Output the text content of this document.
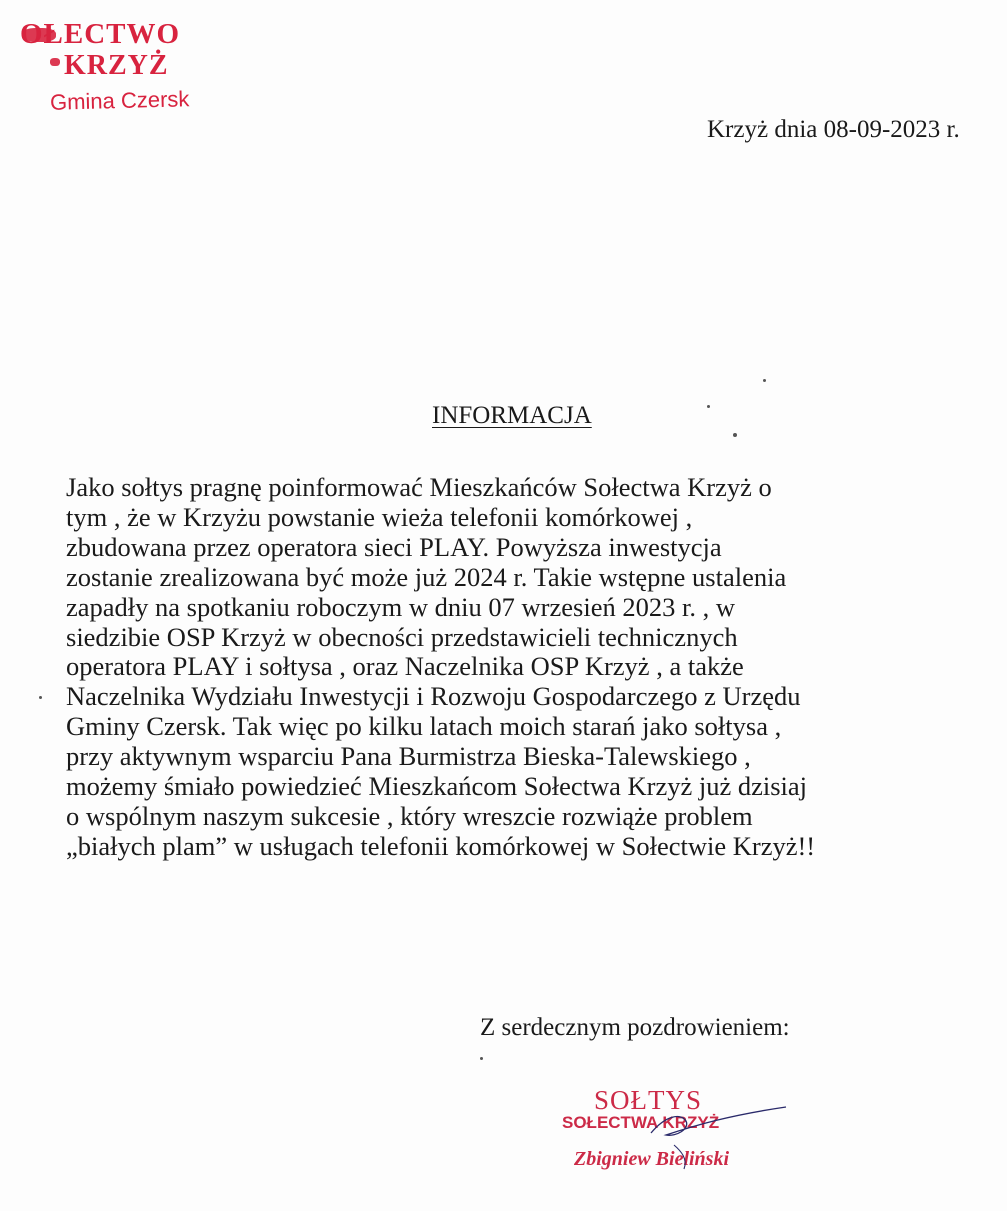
OŁECTWO
KRZYŻ
Gmina Czersk
Krzyż dnia 08-09-2023 r.
INFORMACJA
Jako sołtys pragnę poinformować Mieszkańców Sołectwa Krzyż o
tym , że w Krzyżu powstanie wieża telefonii komórkowej ,
zbudowana przez operatora sieci PLAY. Powyższa inwestycja
zostanie zrealizowana być może już 2024 r. Takie wstępne ustalenia
zapadły na spotkaniu roboczym w dniu 07 wrzesień 2023 r. , w
siedzibie OSP Krzyż w obecności przedstawicieli technicznych
operatora PLAY i sołtysa , oraz Naczelnika OSP Krzyż , a także
Naczelnika Wydziału Inwestycji i Rozwoju Gospodarczego z Urzędu
Gminy Czersk. Tak więc po kilku latach moich starań jako sołtysa ,
przy aktywnym wsparciu Pana Burmistrza Bieska-Talewskiego ,
możemy śmiało powiedzieć Mieszkańcom Sołectwa Krzyż już dzisiaj
o wspólnym naszym sukcesie , który wreszcie rozwiąże problem
„białych plam” w usługach telefonii komórkowej w Sołectwie Krzyż!!
Z serdecznym pozdrowieniem:
SOŁTYS
SOŁECTWA KRZYŻ
Zbigniew Bieliński
